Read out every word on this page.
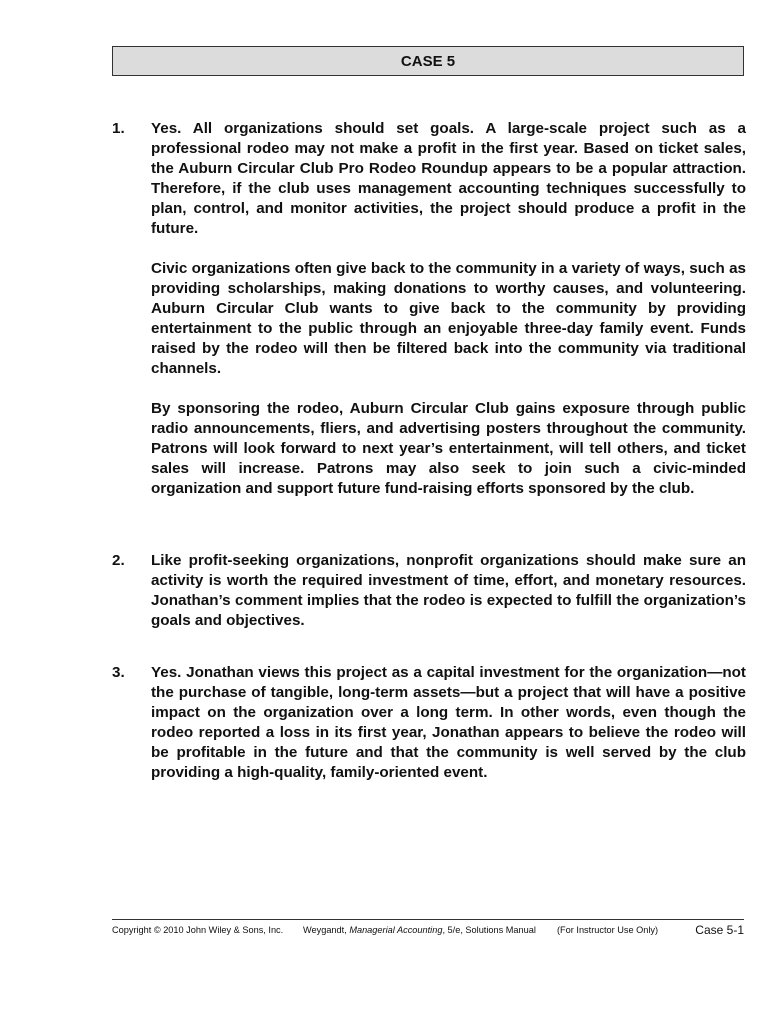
CASE 5
1. Yes. All organizations should set goals. A large-scale project such as a professional rodeo may not make a profit in the first year. Based on ticket sales, the Auburn Circular Club Pro Rodeo Roundup appears to be a popular attraction. Therefore, if the club uses management accounting techniques successfully to plan, control, and monitor activities, the project should produce a profit in the future.

Civic organizations often give back to the community in a variety of ways, such as providing scholarships, making donations to worthy causes, and volunteering. Auburn Circular Club wants to give back to the community by providing entertainment to the public through an enjoyable three-day family event. Funds raised by the rodeo will then be filtered back into the community via traditional channels.

By sponsoring the rodeo, Auburn Circular Club gains exposure through public radio announcements, fliers, and advertising posters throughout the community. Patrons will look forward to next year’s entertainment, will tell others, and ticket sales will increase. Patrons may also seek to join such a civic-minded organization and support future fund-raising efforts sponsored by the club.

2. Like profit-seeking organizations, nonprofit organizations should make sure an activity is worth the required investment of time, effort, and monetary resources. Jonathan’s comment implies that the rodeo is expected to fulfill the organization’s goals and objectives.

3. Yes. Jonathan views this project as a capital investment for the organization—not the purchase of tangible, long-term assets—but a project that will have a positive impact on the organization over a long term. In other words, even though the rodeo reported a loss in its first year, Jonathan appears to believe the rodeo will be profitable in the future and that the community is well served by the club providing a high-quality, family-oriented event.

Copyright © 2010 John Wiley & Sons, Inc. Weygandt, Managerial Accounting, 5/e, Solutions Manual (For Instructor Use Only)	Case 5-1
